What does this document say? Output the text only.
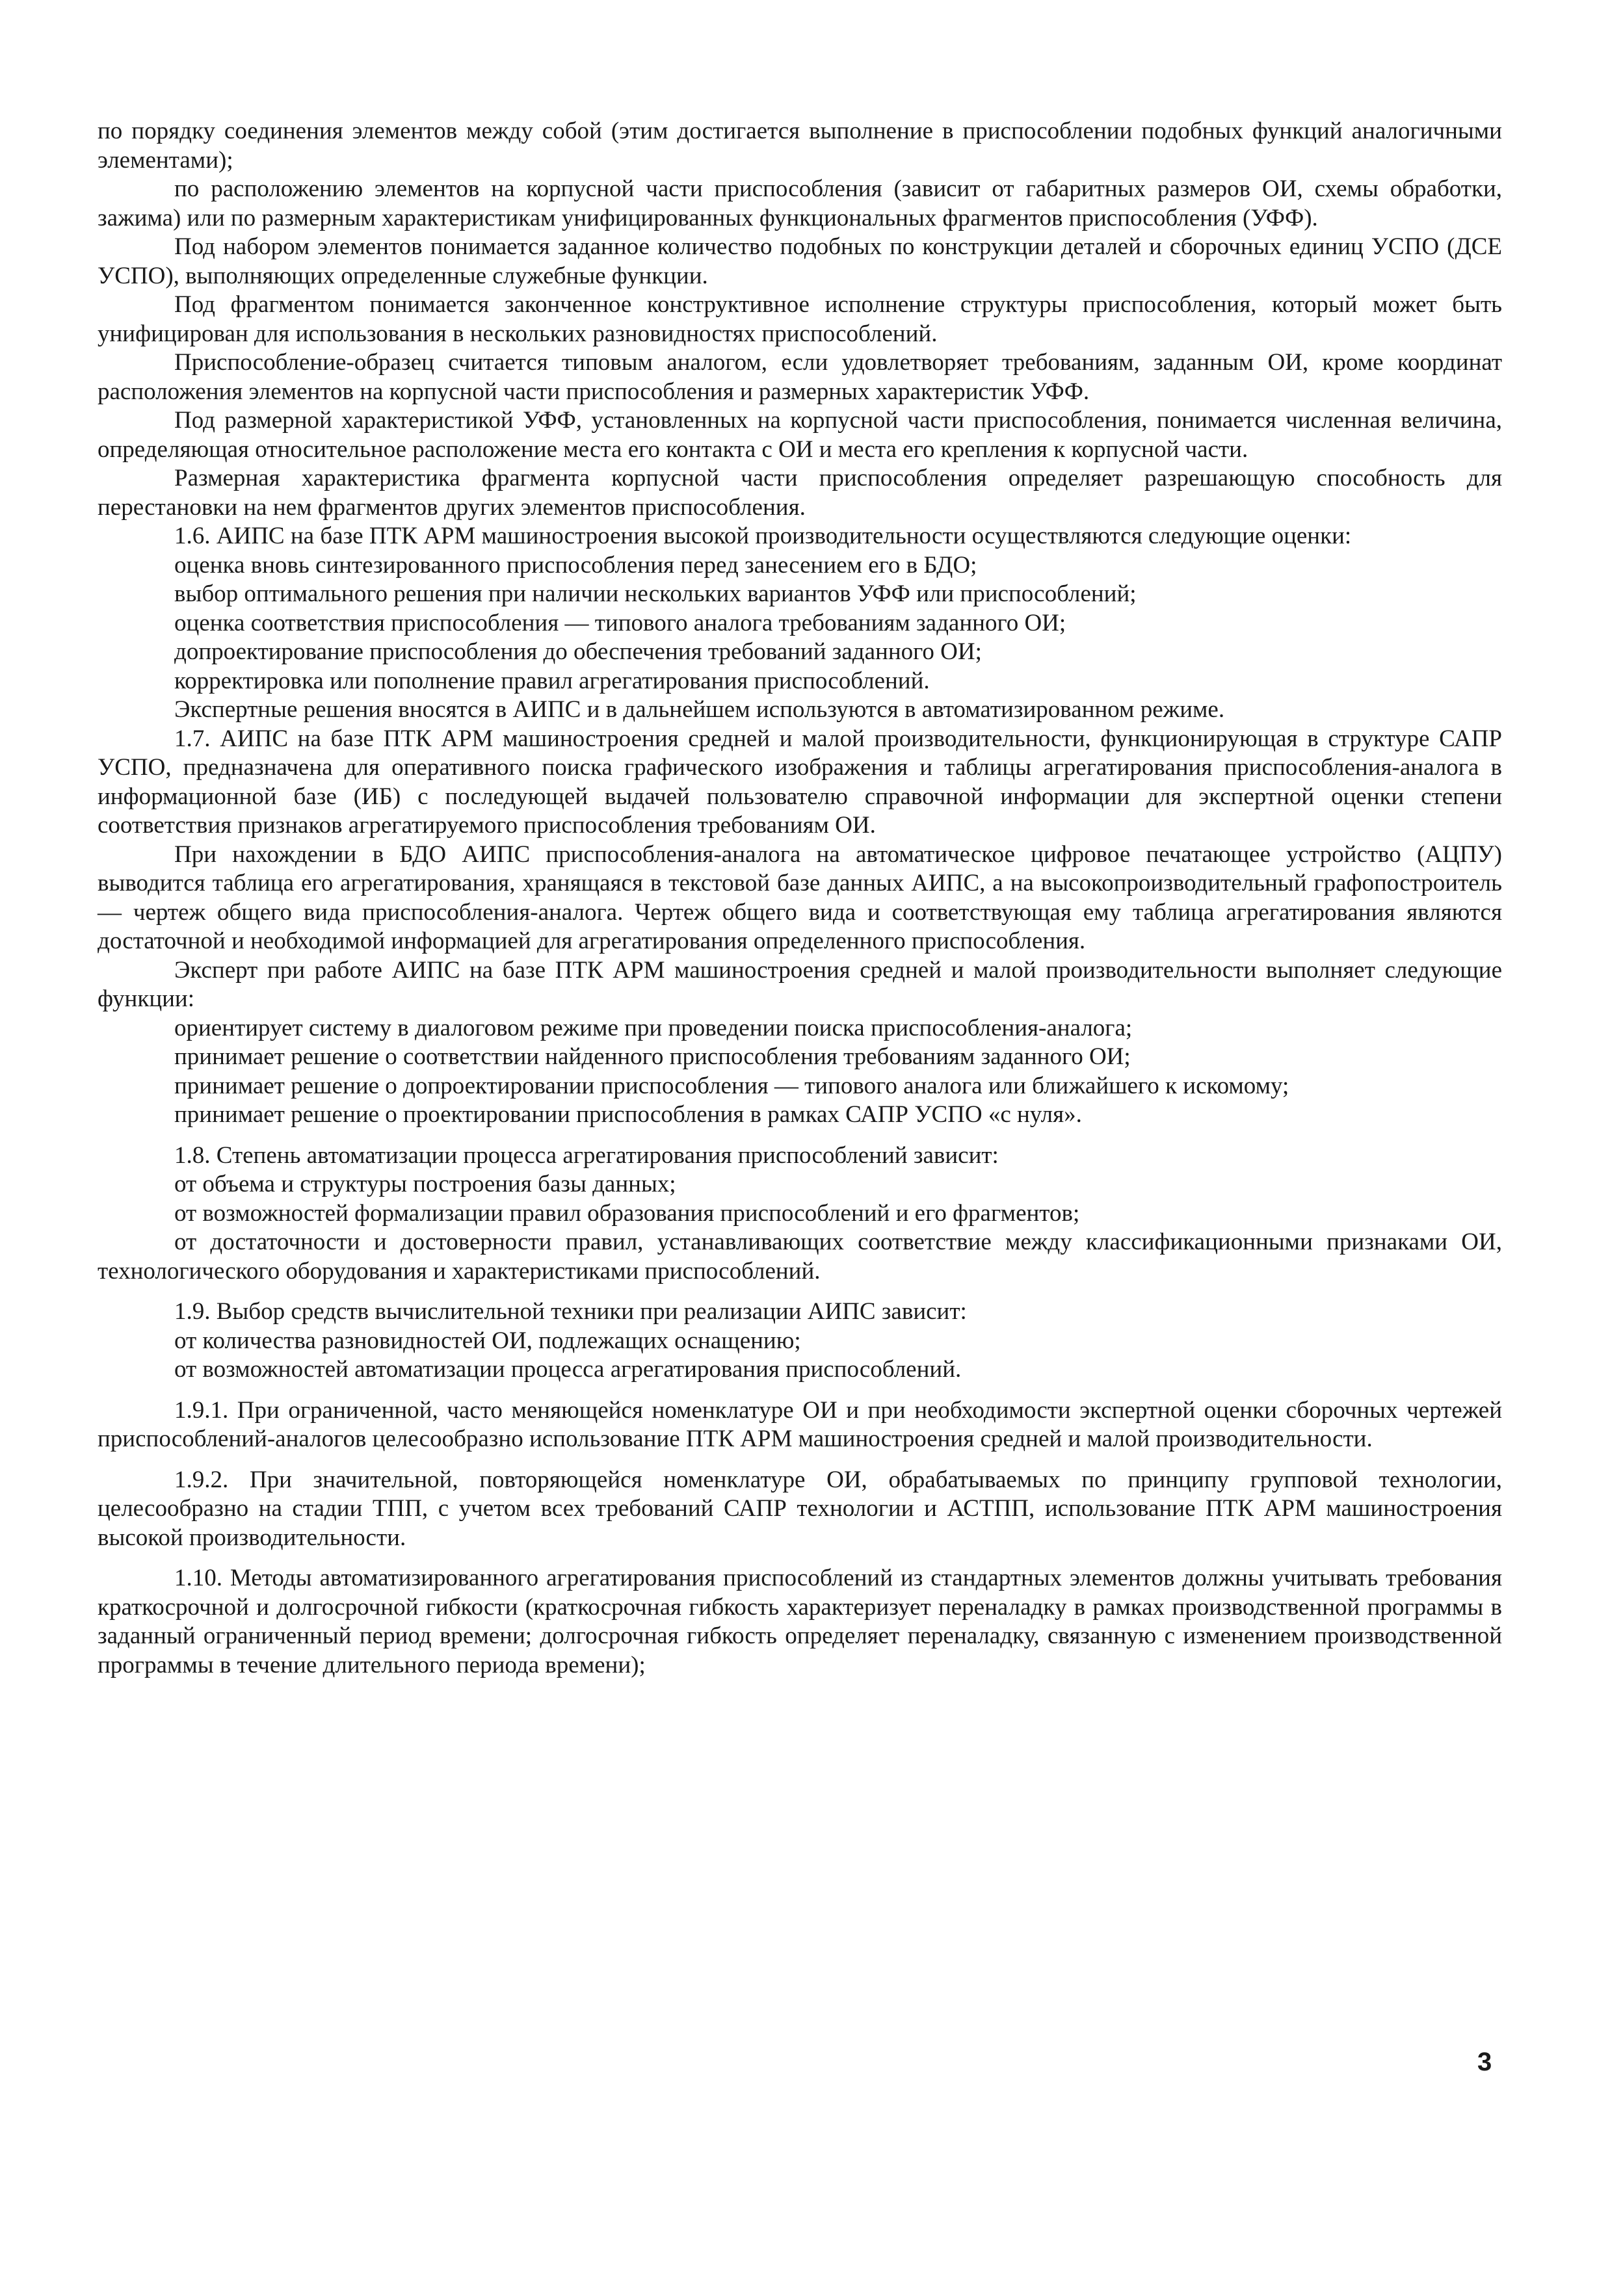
по порядку соединения элементов между собой (этим достигается выполнение в приспособлении подобных функций аналогичными элементами);

по расположению элементов на корпусной части приспособления (зависит от габаритных размеров ОИ, схемы обработки, зажима) или по размерным характеристикам унифицированных функциональных фрагментов приспособления (УФФ).

Под набором элементов понимается заданное количество подобных по конструкции деталей и сборочных единиц УСПО (ДСЕ УСПО), выполняющих определенные служебные функции.

Под фрагментом понимается законченное конструктивное исполнение структуры приспособления, который может быть унифицирован для использования в нескольких разновидностях приспособлений.

Приспособление-образец считается типовым аналогом, если удовлетворяет требованиям, заданным ОИ, кроме координат расположения элементов на корпусной части приспособления и размерных характеристик УФФ.

Под размерной характеристикой УФФ, установленных на корпусной части приспособления, понимается численная величина, определяющая относительное расположение места его контакта с ОИ и места его крепления к корпусной части.

Размерная характеристика фрагмента корпусной части приспособления определяет разрешающую способность для перестановки на нем фрагментов других элементов приспособления.

1.6. АИПС на базе ПТК АРМ машиностроения высокой производительности осуществляются следующие оценки:

оценка вновь синтезированного приспособления перед занесением его в БДО;

выбор оптимального решения при наличии нескольких вариантов УФФ или приспособлений;

оценка соответствия приспособления — типового аналога требованиям заданного ОИ;

допроектирование приспособления до обеспечения требований заданного ОИ;

корректировка или пополнение правил агрегатирования приспособлений.

Экспертные решения вносятся в АИПС и в дальнейшем используются в автоматизированном режиме.

1.7. АИПС на базе ПТК АРМ машиностроения средней и малой производительности, функционирующая в структуре САПР УСПО, предназначена для оперативного поиска графического изображения и таблицы агрегатирования приспособления-аналога в информационной базе (ИБ) с последующей выдачей пользователю справочной информации для экспертной оценки степени соответствия признаков агрегатируемого приспособления требованиям ОИ.

При нахождении в БДО АИПС приспособления-аналога на автоматическое цифровое печатающее устройство (АЦПУ) выводится таблица его агрегатирования, хранящаяся в текстовой базе данных АИПС, а на высокопроизводительный графопостроитель — чертеж общего вида приспособления-аналога. Чертеж общего вида и соответствующая ему таблица агрегатирования являются достаточной и необходимой информацией для агрегатирования определенного приспособления.

Эксперт при работе АИПС на базе ПТК АРМ машиностроения средней и малой производительности выполняет следующие функции:

ориентирует систему в диалоговом режиме при проведении поиска приспособления-аналога;

принимает решение о соответствии найденного приспособления требованиям заданного ОИ;

принимает решение о допроектировании приспособления — типового аналога или ближайшего к искомому;

принимает решение о проектировании приспособления в рамках САПР УСПО «с нуля».

1.8. Степень автоматизации процесса агрегатирования приспособлений зависит:

от объема и структуры построения базы данных;

от возможностей формализации правил образования приспособлений и его фрагментов;

от достаточности и достоверности правил, устанавливающих соответствие между классификационными признаками ОИ, технологического оборудования и характеристиками приспособлений.

1.9. Выбор средств вычислительной техники при реализации АИПС зависит:

от количества разновидностей ОИ, подлежащих оснащению;

от возможностей автоматизации процесса агрегатирования приспособлений.

1.9.1. При ограниченной, часто меняющейся номенклатуре ОИ и при необходимости экспертной оценки сборочных чертежей приспособлений-аналогов целесообразно использование ПТК АРМ машиностроения средней и малой производительности.

1.9.2. При значительной, повторяющейся номенклатуре ОИ, обрабатываемых по принципу групповой технологии, целесообразно на стадии ТПП, с учетом всех требований САПР технологии и АСТПП, использование ПТК АРМ машиностроения высокой производительности.

1.10. Методы автоматизированного агрегатирования приспособлений из стандартных элементов должны учитывать требования краткосрочной и долгосрочной гибкости (краткосрочная гибкость характеризует переналадку в рамках производственной программы в заданный ограниченный период времени; долгосрочная гибкость определяет переналадку, связанную с изменением производственной программы в течение длительного периода времени);

3
